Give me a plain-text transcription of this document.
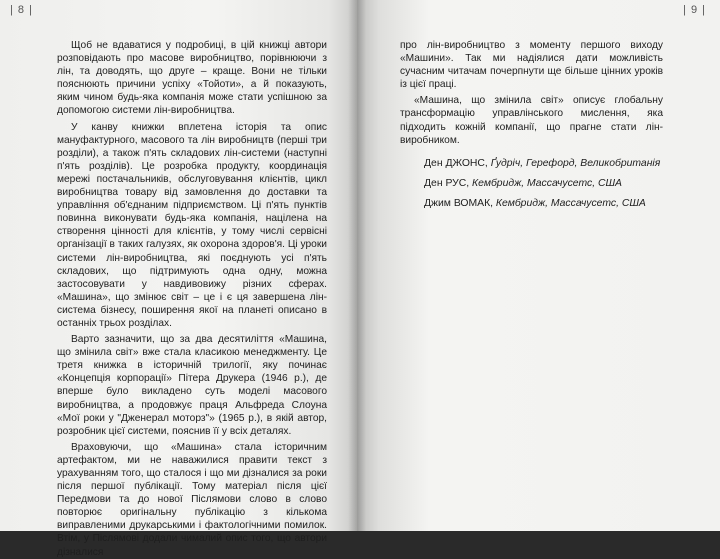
| 8 |

Щоб не вдаватися у подробиці, в цій книжці автори розповідають про масове виробництво, порівнюючи з лін, та доводять, що друге – краще. Вони не тільки пояснюють причини успіху «Тойоти», а й показують, яким чином будь-яка компанія може стати успішною за допомогою системи лін-виробництва.

У канву книжки вплетена історія та опис мануфактурного, масового та лін виробництв (перші три розділи), а також п'ять складових лін-системи (наступні п'ять розділів). Це розробка продукту, координація мережі постачальників, обслуговування клієнтів, цикл виробництва товару від замовлення до доставки та управління об'єднаним підприємством. Ці п'ять пунктів повинна виконувати будь-яка компанія, націлена на створення цінності для клієнтів, у тому числі сервісні організації в таких галузях, як охорона здоров'я. Ці уроки системи лін-виробництва, які поєднують усі п'ять складових, що підтримують одна одну, можна застосовувати у навдивовижу різних сферах. «Машина», що змінює світ – це і є ця завершена лін-система бізнесу, поширення якої на планеті описано в останніх трьох розділах.

Варто зазначити, що за два десятиліття «Машина, що змінила світ» вже стала класикою менеджменту. Це третя книжка в історичній трилогії, яку починає «Концепція корпорації» Пітера Друкера (1946 р.), де вперше було викладено суть моделі масового виробництва, а продовжує праця Альфреда Слоуна «Мої роки у "Дженерал моторз"» (1965 р.), в якій автор, розробник цієї системи, пояснив її у всіх деталях.

Враховуючи, що «Машина» стала історичним артефактом, ми не наважилися правити текст з урахуванням того, що сталося і що ми дізналися за роки після першої публікації. Тому матеріал після цієї Передмови та до нової Післямови слово в слово повторює оригінальну публікацію з кількома виправленими друкарськими і фактологічними помилок. Втім, у Післямові додали чималий опис того, що автори дізналися

| 9 |

про лін-виробництво з моменту першого виходу «Машини». Так ми надіялися дати можливість сучасним читачам почерпнути ще більше цінних уроків із цієї праці.

«Машина, що змінила світ» описує глобальну трансформацію управлінського мислення, яка підходить кожній компанії, що прагне стати лін-виробником.

Ден ДЖОНС, Ґудріч, Герефорд, Великобританія
Ден РУС, Кембридж, Массачусетс, США
Джим ВОМАК, Кембридж, Массачусетс, США
